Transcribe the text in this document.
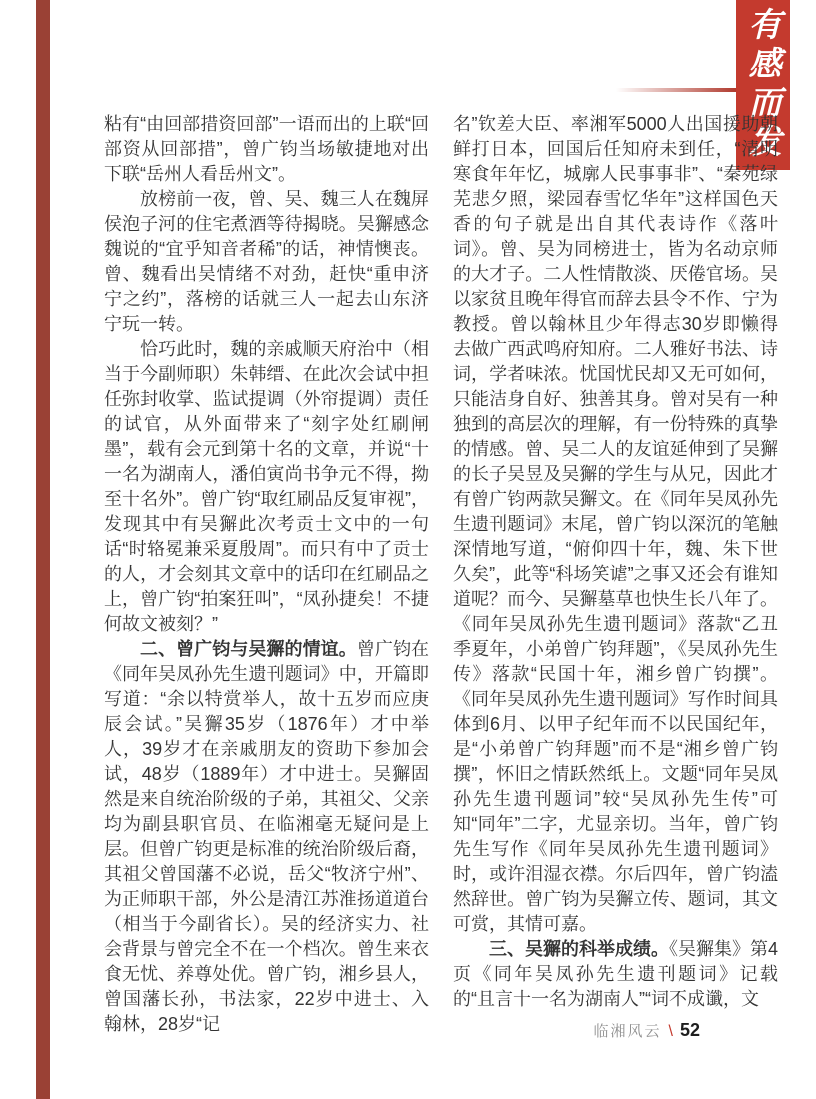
有感而发

粘有“由回部措资回部”一语而出的上联“回部资从回部措”，曾广钧当场敏捷地对出下联“岳州人看岳州文”。

放榜前一夜，曾、吴、魏三人在魏屏侯泡子河的住宅煮酒等待揭晓。吴獬感念魏说的“宜乎知音者稀”的话，神情懊丧。曾、魏看出吴情绪不对劲，赶快“重申济宁之约”，落榜的话就三人一起去山东济宁玩一转。

恰巧此时，魏的亲戚顺天府治中（相当于今副师职）朱韩缙、在此次会试中担任弥封收掌、监试提调（外帘提调）责任的试官，从外面带来了“刻字处红刷闸墨”，载有会元到第十名的文章，并说“十一名为湖南人，潘伯寅尚书争元不得，拗至十名外”。曾广钧“取红刷品反复审视”，发现其中有吴獬此次考贡士文中的一句话“时辂冕兼采夏殷周”。而只有中了贡士的人，才会刻其文章中的话印在红刷品之上，曾广钧“拍案狂叫”，“凤孙捷矣！不捷何故文被刻？”

二、曾广钧与吴獬的情谊。曾广钧在《同年吴凤孙先生遗刊题词》中，开篇即写道：“余以特赏举人，故十五岁而应庚辰会试。”吴獬35岁（1876年）才中举人，39岁才在亲戚朋友的资助下参加会试，48岁（1889年）才中进士。吴獬固然是来自统治阶级的子弟，其祖父、父亲均为副县职官员、在临湘毫无疑问是上层。但曾广钧更是标准的统治阶级后裔，其祖父曾国藩不必说，岳父“牧济宁州”、为正师职干部，外公是清江苏淮扬道道台（相当于今副省长）。吴的经济实力、社会背景与曾完全不在一个档次。曾生来衣食无忧、养尊处优。曾广钧，湘乡县人，曾国藩长孙，书法家，22岁中进士、入翰林，28岁“记

名”钦差大臣、率湘军5000人出国援助朝鲜打日本，回国后任知府未到任，“清明寒食年年忆，城廓人民事事非”、“秦苑绿芜悲夕照，梁园春雪忆华年”这样国色天香的句子就是出自其代表诗作《落叶词》。曾、吴为同榜进士，皆为名动京师的大才子。二人性情散淡、厌倦官场。吴以家贫且晚年得官而辞去县令不作、宁为教授。曾以翰林且少年得志30岁即懒得去做广西武鸣府知府。二人雅好书法、诗词，学者味浓。忧国忧民却又无可如何，只能洁身自好、独善其身。曾对吴有一种独到的高层次的理解，有一份特殊的真挚的情感。曾、吴二人的友谊延伸到了吴獬的长子吴昱及吴獬的学生与从兄，因此才有曾广钧两款吴獬文。在《同年吴凤孙先生遗刊题词》末尾，曾广钧以深沉的笔触深情地写道，“俯仰四十年，魏、朱下世久矣”，此等“科场笑谑”之事又还会有谁知道呢？而今、吴獬墓草也快生长八年了。《同年吴凤孙先生遗刊题词》落款“乙丑季夏年，小弟曾广钧拜题”，《吴凤孙先生传》落款“民国十年，湘乡曾广钧撰”。《同年吴凤孙先生遗刊题词》写作时间具体到6月、以甲子纪年而不以民国纪年，是“小弟曾广钧拜题”而不是“湘乡曾广钧撰”，怀旧之情跃然纸上。文题“同年吴凤孙先生遗刊题词”较“吴凤孙先生传”可知“同年”二字，尤显亲切。当年，曾广钧先生写作《同年吴凤孙先生遗刊题词》时，或许泪湿衣襟。尔后四年，曾广钧溘然辞世。曾广钧为吴獬立传、题词，其文可赏，其情可嘉。

三、吴獬的科举成绩。《吴獬集》第4页《同年吴凤孙先生遗刊题词》记载的“且言十一名为湖南人”“词不成谶，文

临湘风云 \ 52
